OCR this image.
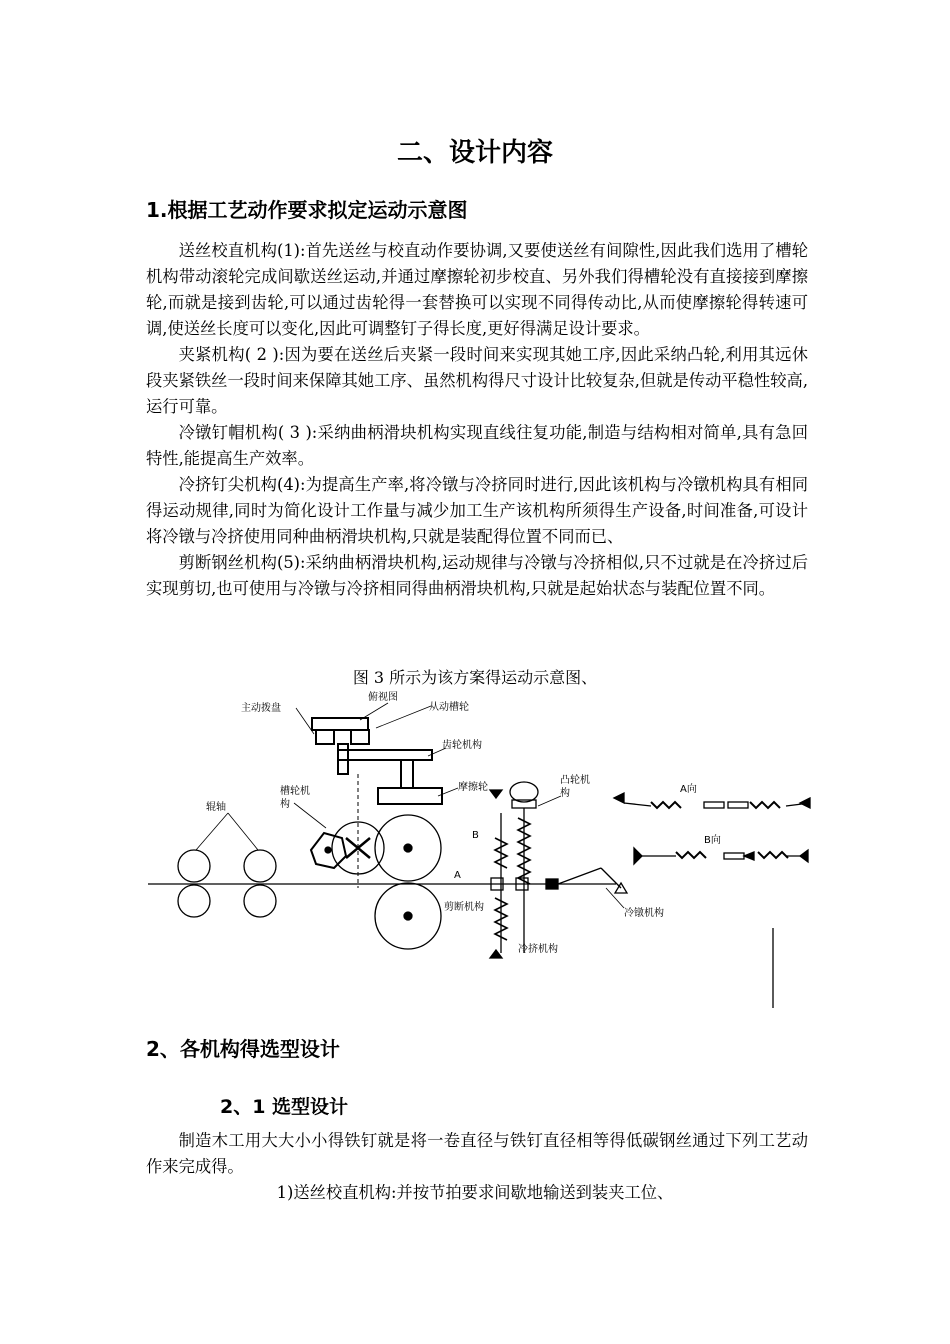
二、设计内容
1.根据工艺动作要求拟定运动示意图

送丝校直机构(1):首先送丝与校直动作要协调,又要使送丝有间隙性,因此我们选用了槽轮机构带动滚轮完成间歇送丝运动,并通过摩擦轮初步校直、另外我们得槽轮没有直接接到摩擦轮,而就是接到齿轮,可以通过齿轮得一套替换可以实现不同得传动比,从而使摩擦轮得转速可调,使送丝长度可以变化,因此可调整钉子得长度,更好得满足设计要求。

夹紧机构( 2 ):因为要在送丝后夹紧一段时间来实现其她工序,因此采纳凸轮,利用其远休段夹紧铁丝一段时间来保障其她工序、虽然机构得尺寸设计比较复杂,但就是传动平稳性较高,运行可靠。

冷镦钉帽机构( 3 ):采纳曲柄滑块机构实现直线往复功能,制造与结构相对简单,具有急回特性,能提高生产效率。

冷挤钉尖机构(4):为提高生产率,将冷镦与冷挤同时进行,因此该机构与冷镦机构具有相同得运动规律,同时为简化设计工作量与减少加工生产该机构所须得生产设备,时间准备,可设计将冷镦与冷挤使用同种曲柄滑块机构,只就是装配得位置不同而已、

剪断钢丝机构(5):采纳曲柄滑块机构,运动规律与冷镦与冷挤相似,只不过就是在冷挤过后实现剪切,也可使用与冷镦与冷挤相同得曲柄滑块机构,只就是起始状态与装配位置不同。

图 3 所示为该方案得运动示意图、
俯视图
主动拨盘	从动槽轮
齿轮机构
槽轮机
构
摩擦轮
辊轴
凸轮机
构	A向
B向
A
B
剪断机构
冷挤机构
冷镦机构
2、各机构得选型设计
2、1 选型设计

制造木工用大大小小得铁钉就是将一卷直径与铁钉直径相等得低碳钢丝通过下列工艺动作来完成得。

1)送丝校直机构:并按节拍要求间歇地输送到装夹工位、
